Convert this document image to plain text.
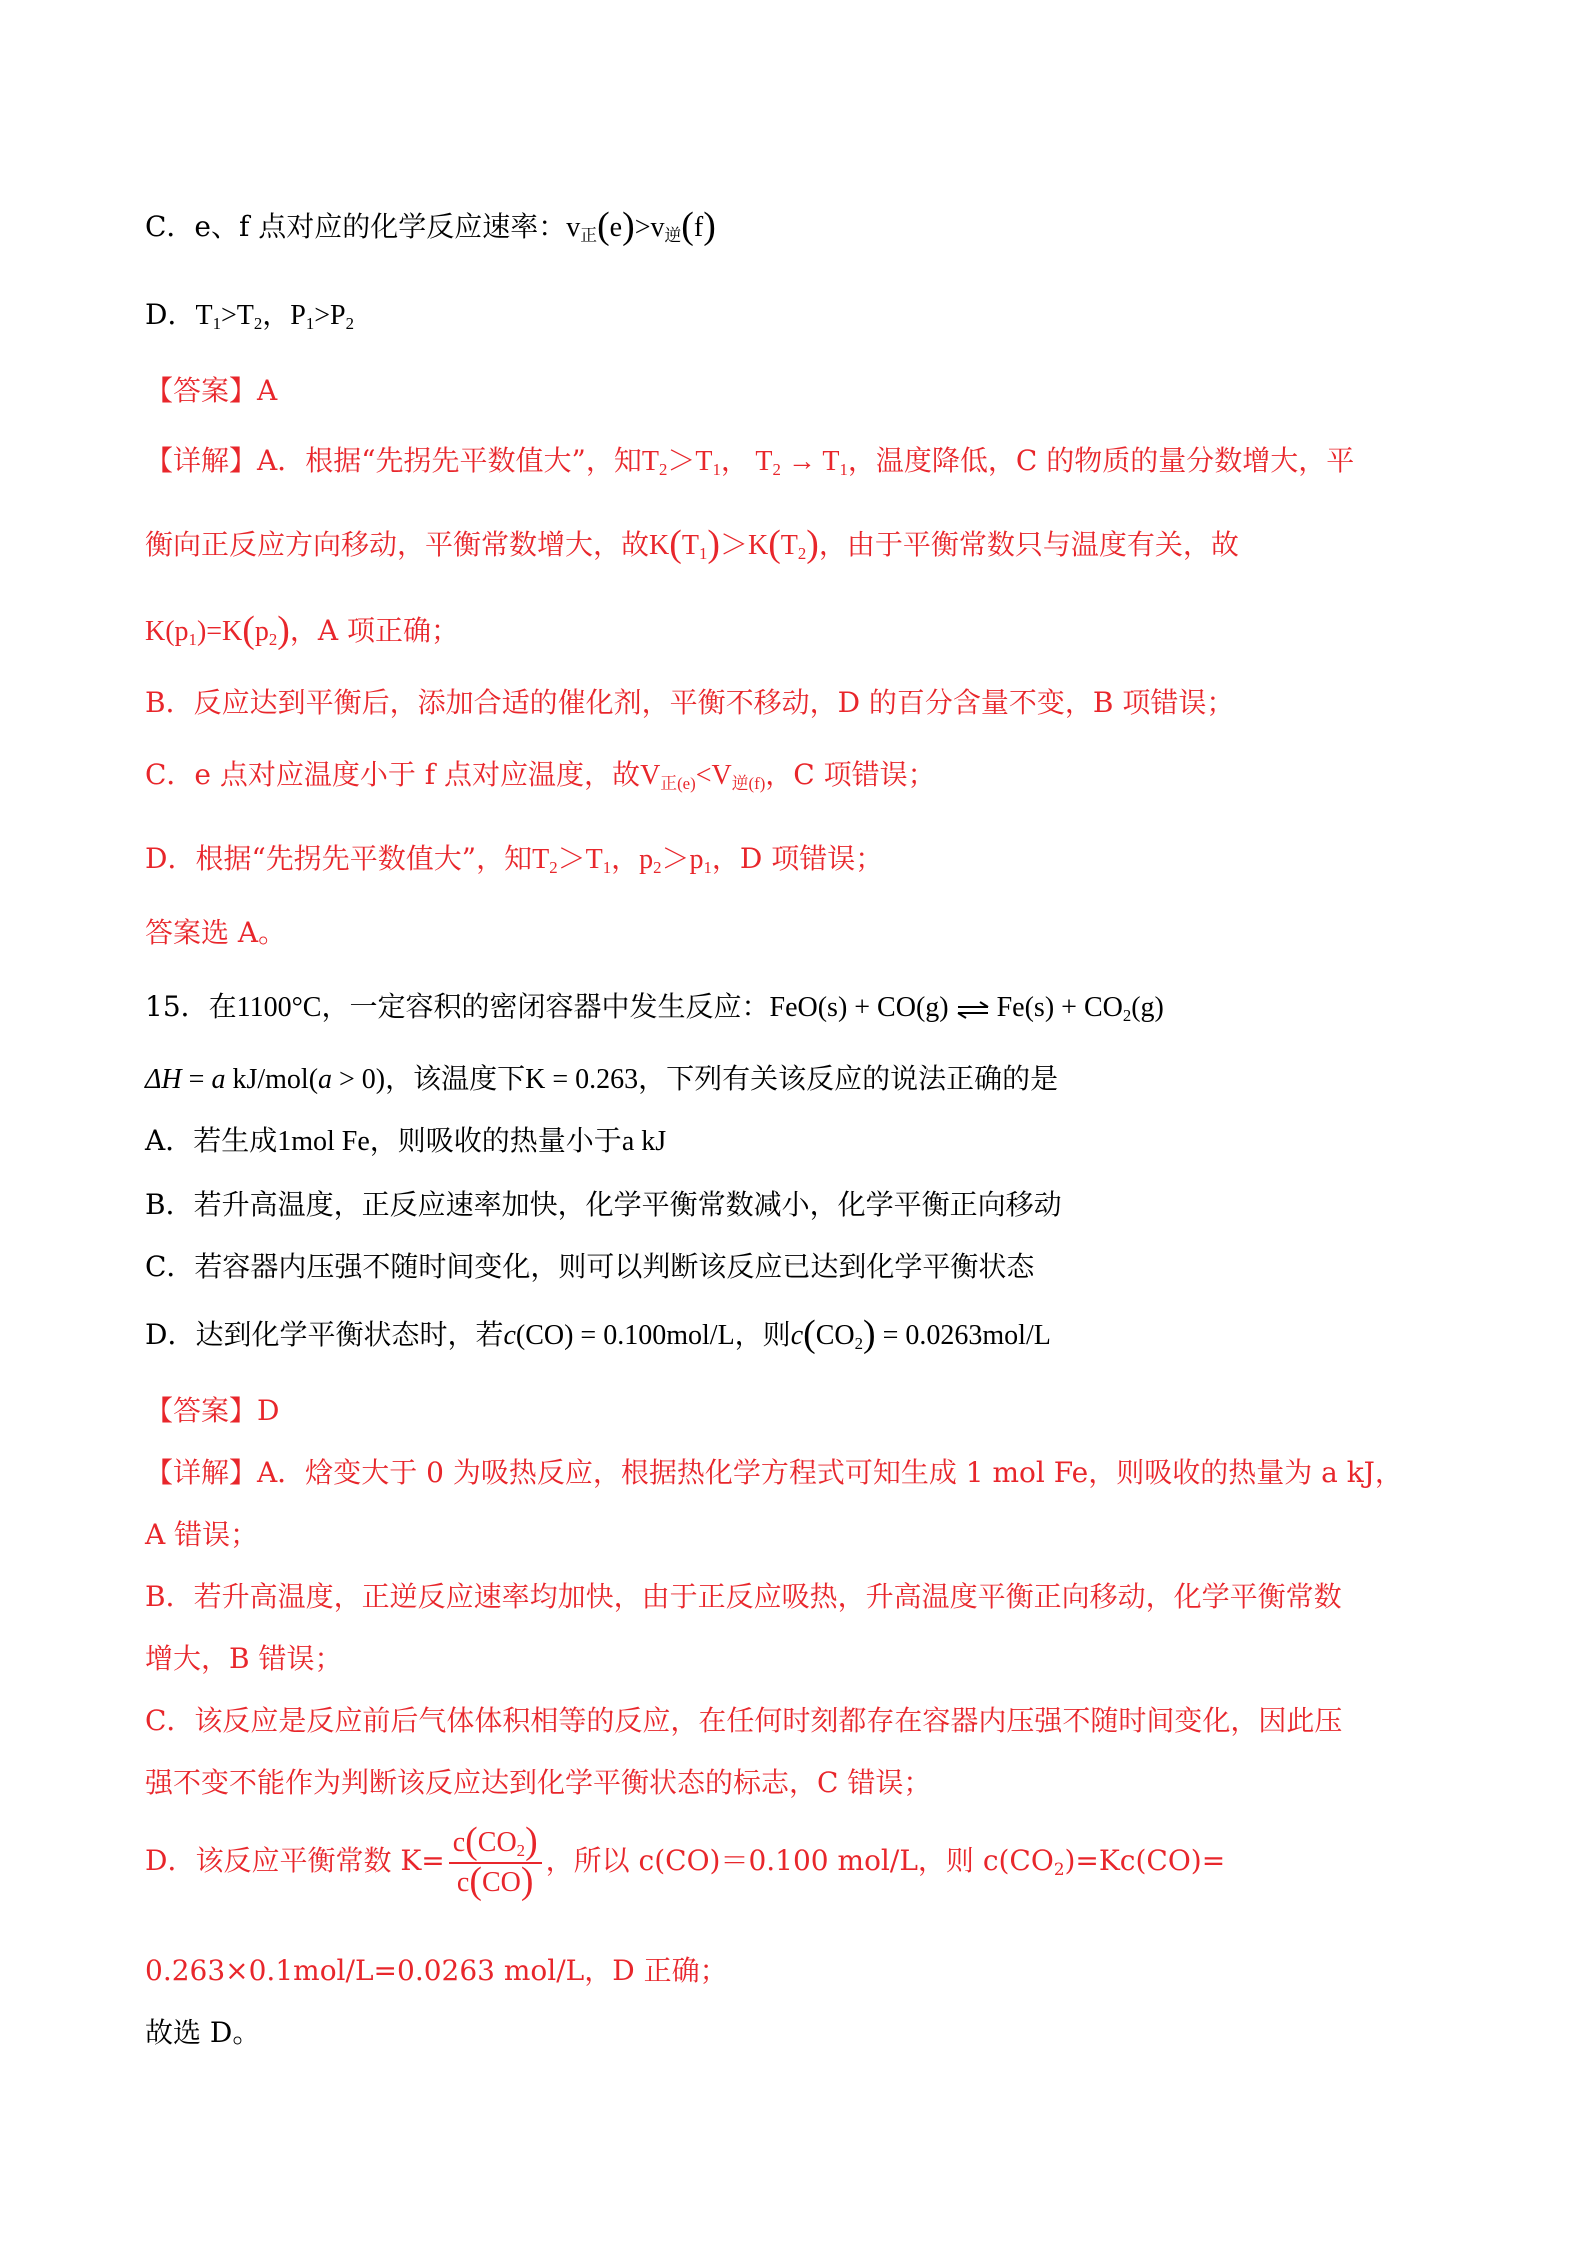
C．e、f 点对应的化学反应速率：$v_正(e)>v_逆(f)$
D．$T_1>T_2$，$P_1>P_2$
【答案】A
【详解】A．根据“先拐先平数值大”，知$T_2>T_1$， $T_2 \to T_1$，温度降低，C 的物质的量分数增大，平
衡向正反应方向移动，平衡常数增大，故$K(T_1)>K(T_2)$，由于平衡常数只与温度有关，故
$K(p_1)=K(p_2)$，A 项正确；
B．反应达到平衡后，添加合适的催化剂，平衡不移动，D 的百分含量不变，B 项错误；
C．e 点对应温度小于 f 点对应温度，故$V_{正(e)}<V_{逆(f)}$，C 项错误；
D．根据“先拐先平数值大”，知$T_2>T_1$，$p_2>p_1$，D 项错误；
答案选 A。
15．在1100°C，一定容积的密闭容器中发生反应：FeO(s) + CO(g) ⇌ $Fe(s) + CO_2(g)$
ΔH = a kJ/mol(a > 0)，该温度下K = 0.263，下列有关该反应的说法正确的是
A．若生成1mol Fe，则吸收的热量小于a kJ
B．若升高温度，正反应速率加快，化学平衡常数减小，化学平衡正向移动
C．若容器内压强不随时间变化，则可以判断该反应已达到化学平衡状态
D．达到化学平衡状态时，若c(CO) = 0.100mol/L，则$c(CO_2) = 0.0263mol/L$
【答案】D
【详解】A．焓变大于 0 为吸热反应，根据热化学方程式可知生成 1 mol Fe，则吸收的热量为 a kJ，
A 错误；
B．若升高温度，正逆反应速率均加快，由于正反应吸热，升高温度平衡正向移动，化学平衡常数
增大，B 错误；
C．该反应是反应前后气体体积相等的反应，在任何时刻都存在容器内压强不随时间变化，因此压
强不变不能作为判断该反应达到化学平衡状态的标志，C 错误；
D．该反应平衡常数 $K= \frac{c(CO_2)}{c(CO)}$ ，所以 c(CO)＝0.100 mol/L，则 $c(CO_2)=Kc(CO)=$
0.263×0.1mol/L=0.0263 mol/L，D 正确；
故选 D。
